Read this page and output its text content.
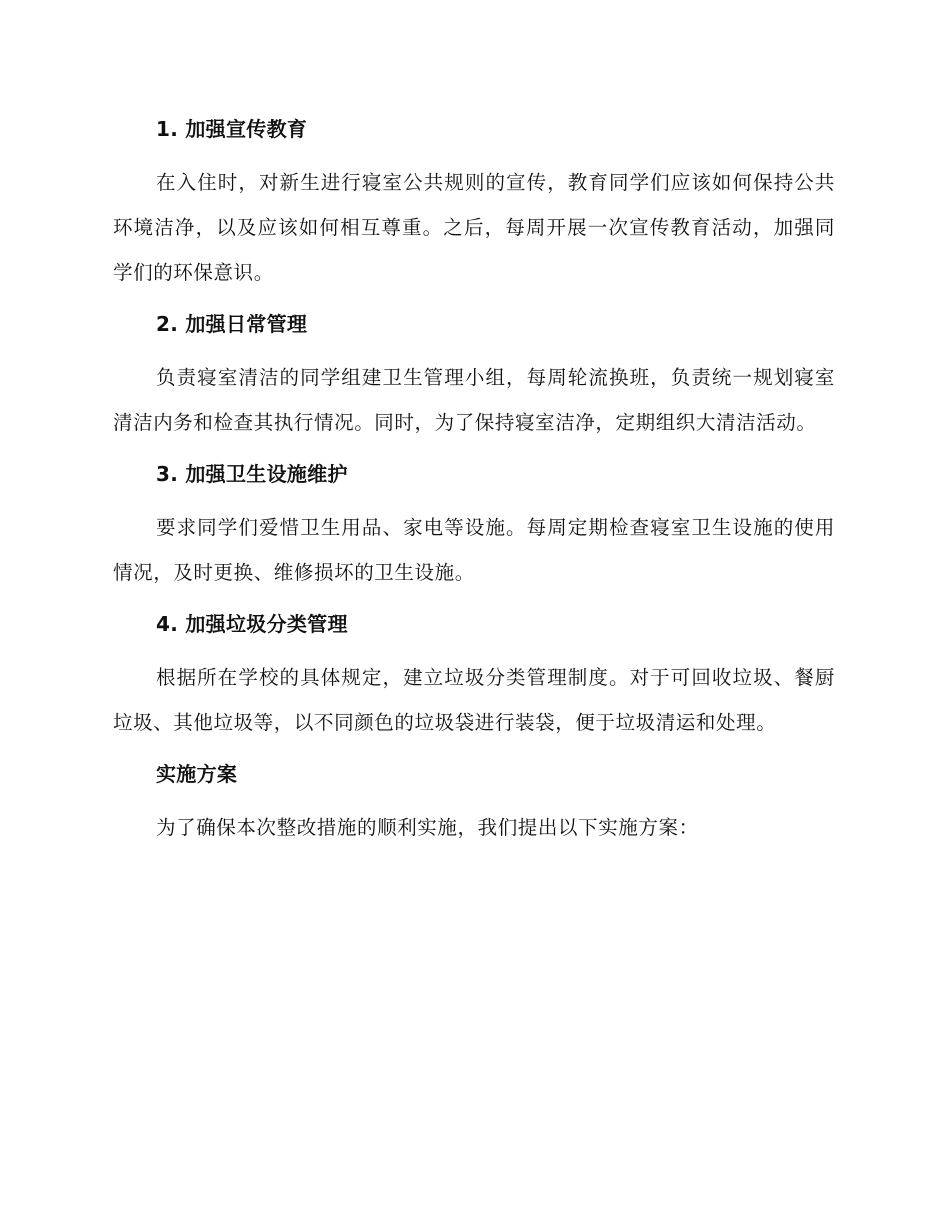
1. 加强宣传教育

在入住时，对新生进行寝室公共规则的宣传，教育同学们应该如何保持公共环境洁净，以及应该如何相互尊重。之后，每周开展一次宣传教育活动，加强同学们的环保意识。

2. 加强日常管理

负责寝室清洁的同学组建卫生管理小组，每周轮流换班，负责统一规划寝室清洁内务和检查其执行情况。同时，为了保持寝室洁净，定期组织大清洁活动。

3. 加强卫生设施维护

要求同学们爱惜卫生用品、家电等设施。每周定期检查寝室卫生设施的使用情况，及时更换、维修损坏的卫生设施。

4. 加强垃圾分类管理

根据所在学校的具体规定，建立垃圾分类管理制度。对于可回收垃圾、餐厨垃圾、其他垃圾等，以不同颜色的垃圾袋进行装袋，便于垃圾清运和处理。

实施方案

为了确保本次整改措施的顺利实施，我们提出以下实施方案：
